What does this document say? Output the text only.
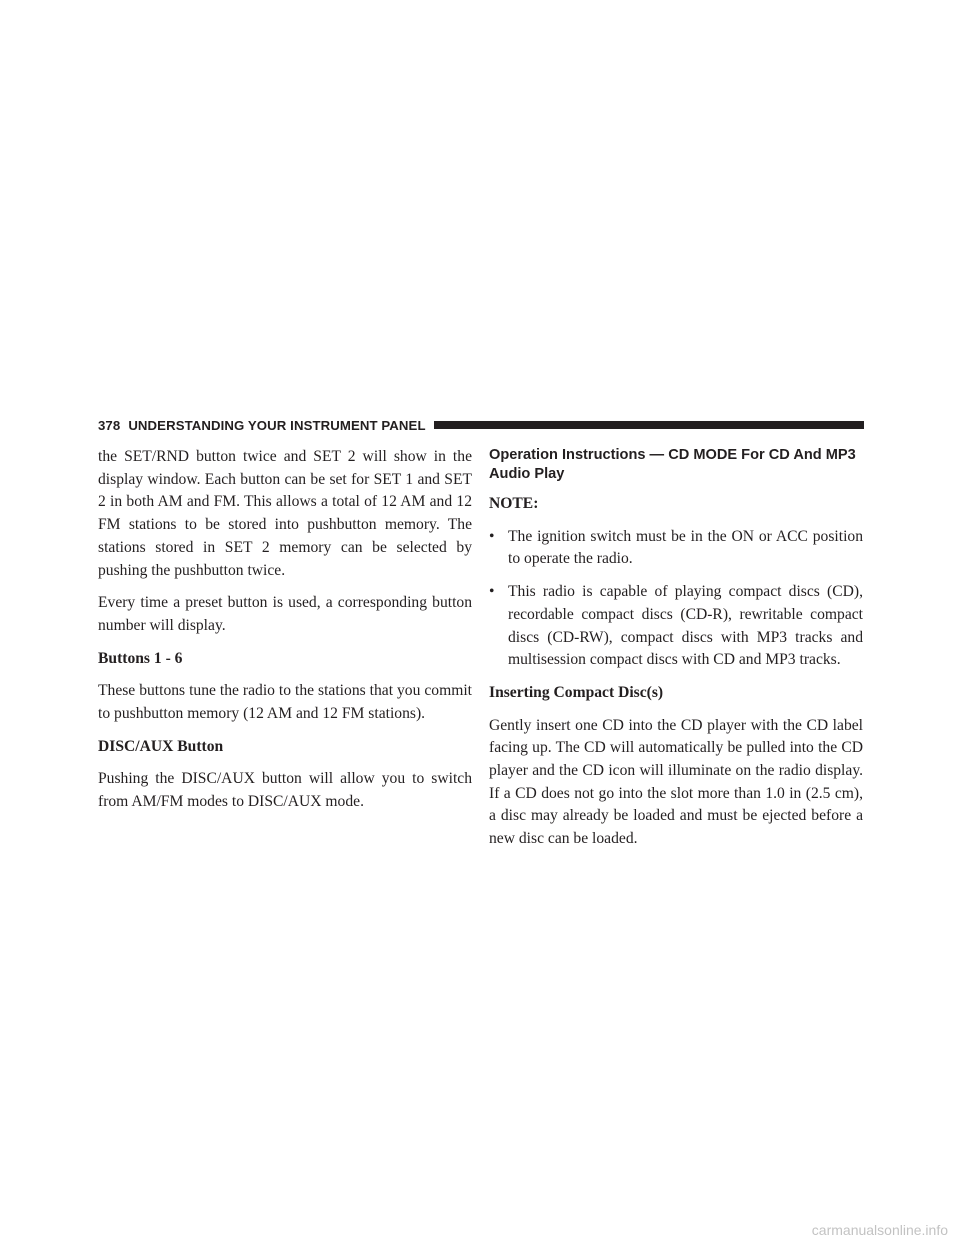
378 UNDERSTANDING YOUR INSTRUMENT PANEL

the SET/RND button twice and SET 2 will show in the display window. Each button can be set for SET 1 and SET 2 in both AM and FM. This allows a total of 12 AM and 12 FM stations to be stored into pushbutton memory. The stations stored in SET 2 memory can be selected by pushing the pushbutton twice.

Every time a preset button is used, a corresponding button number will display.

Buttons 1 - 6

These buttons tune the radio to the stations that you commit to pushbutton memory (12 AM and 12 FM stations).

DISC/AUX Button

Pushing the DISC/AUX button will allow you to switch from AM/FM modes to DISC/AUX mode.

Operation Instructions — CD MODE For CD And MP3 Audio Play
NOTE:
• The ignition switch must be in the ON or ACC position to operate the radio.
• This radio is capable of playing compact discs (CD), recordable compact discs (CD-R), rewritable compact discs (CD-RW), compact discs with MP3 tracks and multisession compact discs with CD and MP3 tracks.
Inserting Compact Disc(s)

Gently insert one CD into the CD player with the CD label facing up. The CD will automatically be pulled into the CD player and the CD icon will illuminate on the radio display. If a CD does not go into the slot more than 1.0 in (2.5 cm), a disc may already be loaded and must be ejected before a new disc can be loaded.

carmanualsonline.info
